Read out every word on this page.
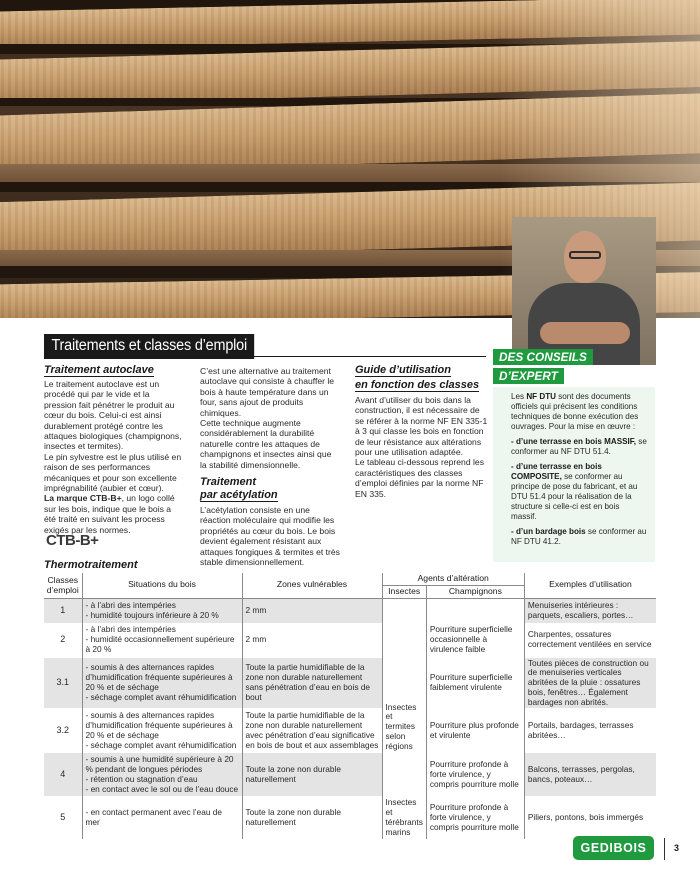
Traitements et classes d’emploi
Traitement autoclave

Le traitement autoclave est un procédé qui par le vide et la pression fait pénétrer le produit au cœur du bois. Celui-ci est ainsi durablement protégé contre les attaques biologiques (champignons, insectes et termites).

Le pin sylvestre est le plus utilisé en raison de ses performances mécaniques et pour son excellente imprégnabilité (aubier et cœur).

La marque CTB-B+, un logo collé sur les bois, indique que le bois a été traité en suivant les process exigés par les normes.

CTB-B+

C’est une alternative au traitement autoclave qui consiste à chauffer le bois à haute température dans un four, sans ajout de produits chimiques.

Cette technique augmente considérablement la durabilité naturelle contre les attaques de champignons et insectes ainsi que la stabilité dimensionnelle.

Traitement
par acétylation

L’acétylation consiste en une réaction moléculaire qui modifie les propriétés au cœur du bois. Le bois devient également résistant aux attaques fongiques & termites et très stable dimensionnellement.

Guide d’utilisation
en fonction des classes

Avant d’utiliser du bois dans la construction, il est nécessaire de se référer à la norme NF EN 335-1 à 3 qui classe les bois en fonction de leur résistance aux altérations pour une utilisation adaptée.

Le tableau ci-dessous reprend les caractéristiques des classes d’emploi définies par la norme NF EN 335.

DES CONSEILS
D’EXPERT

Les NF DTU sont des documents officiels qui précisent les conditions techniques de bonne exécution des ouvrages. Pour la mise en œuvre :

- d’une terrasse en bois MASSIF, se conformer au NF DTU 51.4.

- d’une terrasse en bois COMPOSITE, se conformer au principe de pose du fabricant, et au DTU 51.4 pour la réalisation de la structure si celle-ci est en bois massif.

- d’un bardage bois se conformer au NF DTU 41.2.

Thermotraitement
Classes d’emploi	Situations du bois	Zones vulnérables	Agents d’altération		Exemples d’utilisation
			Insectes	Champignons	
1	- à l’abri des intempéries
- humidité toujours inférieure à 20 %	2 mm			Menuiseries intérieures : parquets, escaliers, portes…
2	- à l’abri des intempéries
- humidité occasionnellement supérieure à 20 %	2 mm		Pourriture superficielle occasionnelle à virulence faible	Charpentes, ossatures correctement ventilées en service
3.1	- soumis à des alternances rapides d’humidification fréquente supérieures à 20 % et de séchage
- séchage complet avant réhumidification	Toute la partie humidifiable de la zone non durable naturellement sans pénétration d’eau en bois de bout	Insectes et termites selon régions	Pourriture superficielle faiblement virulente	Toutes pièces de construction ou de menuiseries verticales abritées de la pluie : ossatures bois, fenêtres… Également bardages non abrités.
3.2	- soumis à des alternances rapides d’humidification fréquente supérieures à 20 % et de séchage
- séchage complet avant réhumidification	Toute la partie humidifiable de la zone non durable naturellement avec pénétration d’eau significative en bois de bout et aux assemblages		Pourriture plus profonde et virulente	Portails, bardages, terrasses abritées…
4	- soumis à une humidité supérieure à 20 % pendant de longues périodes
- rétention ou stagnation d’eau
- en contact avec le sol ou de l’eau douce	Toute la zone non durable naturellement		Pourriture profonde à forte virulence, y compris pourriture molle	Balcons, terrasses, pergolas, bancs, poteaux…
5	- en contact permanent avec l’eau de mer	Toute la zone non durable naturellement	Insectes et térébrants marins	Pourriture profonde à forte virulence, y compris pourriture molle	Piliers, pontons, bois immergés
GEDIBOIS	3
